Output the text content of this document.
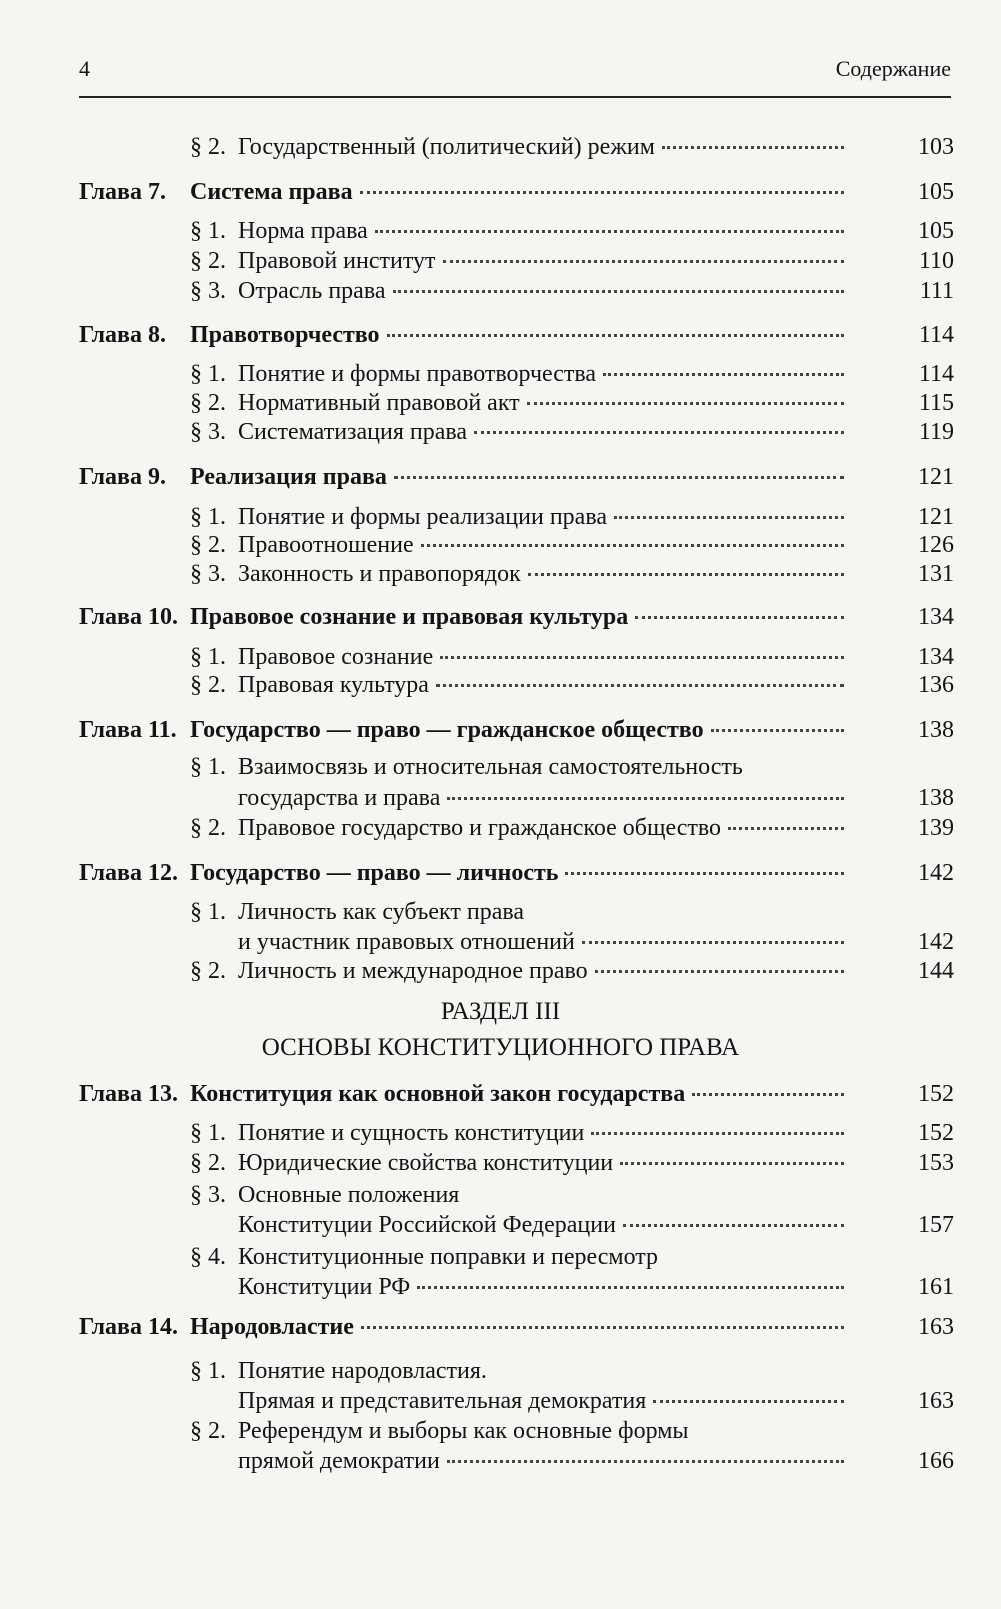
4	Содержание
§ 2. Государственный (политический) режим	103
Глава 7. Система права	105
§ 1. Норма права	105
§ 2. Правовой институт	110
§ 3. Отрасль права	111
Глава 8. Правотворчество	114
§ 1. Понятие и формы правотворчества	114
§ 2. Нормативный правовой акт	115
§ 3. Систематизация права	119
Глава 9. Реализация права	121
§ 1. Понятие и формы реализации права	121
§ 2. Правоотношение	126
§ 3. Законность и правопорядок	131
Глава 10. Правовое сознание и правовая культура	134
§ 1. Правовое сознание	134
§ 2. Правовая культура	136
Глава 11. Государство — право — гражданское общество	138
§ 1. Взаимосвязь и относительная самостоятельность
государства и права	138
§ 2. Правовое государство и гражданское общество	139
Глава 12. Государство — право — личность	142
§ 1. Личность как субъект права
и участник правовых отношений	142
§ 2. Личность и международное право	144
РАЗДЕЛ III
ОСНОВЫ КОНСТИТУЦИОННОГО ПРАВА
Глава 13. Конституция как основной закон государства	152
§ 1. Понятие и сущность конституции	152
§ 2. Юридические свойства конституции	153
§ 3. Основные положения
Конституции Российской Федерации	157
§ 4. Конституционные поправки и пересмотр
Конституции РФ	161
Глава 14. Народовластие	163
§ 1. Понятие народовластия.
Прямая и представительная демократия	163
§ 2. Референдум и выборы как основные формы
прямой демократии	166
